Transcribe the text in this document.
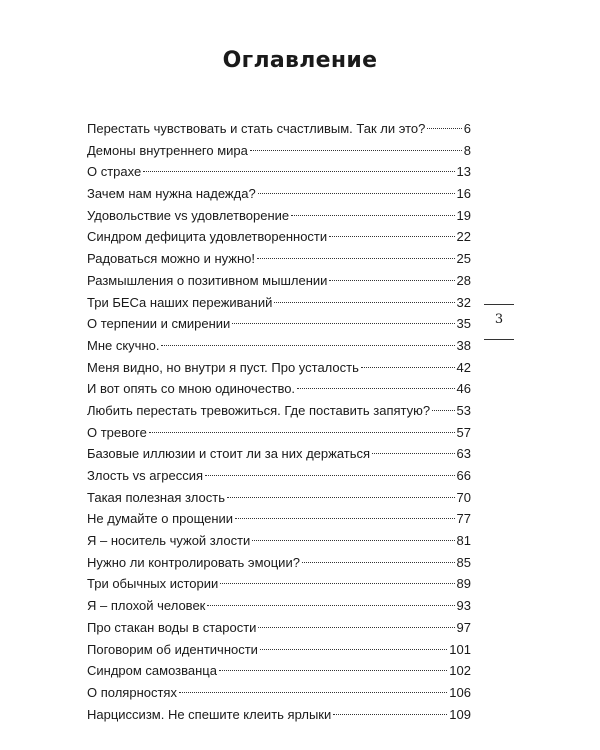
Оглавление
Перестать чувствовать и стать счастливым. Так ли это?	6
Демоны внутреннего мира	8
О страхе	13
Зачем нам нужна надежда?	16
Удовольствие vs удовлетворение	19
Синдром дефицита удовлетворенности	22
Радоваться можно и нужно!	25
Размышления о позитивном мышлении	28
Три БЕСа наших переживаний	32
О терпении и смирении	35
Мне скучно.	38
Меня видно, но внутри я пуст. Про усталость	42
И вот опять со мною одиночество.	46
Любить перестать тревожиться. Где поставить запятую? 53
О тревоге	57
Базовые иллюзии и стоит ли за них держаться	63
Злость vs агрессия	66
Такая полезная злость	70
Не думайте о прощении	77
Я – носитель чужой злости	81
Нужно ли контролировать эмоции?	85
Три обычных истории	89
Я – плохой человек	93
Про стакан воды в старости	97
Поговорим об идентичности	101
Синдром самозванца	102
О полярностях	106
Нарциссизм. Не спешите клеить ярлыки	109
3
